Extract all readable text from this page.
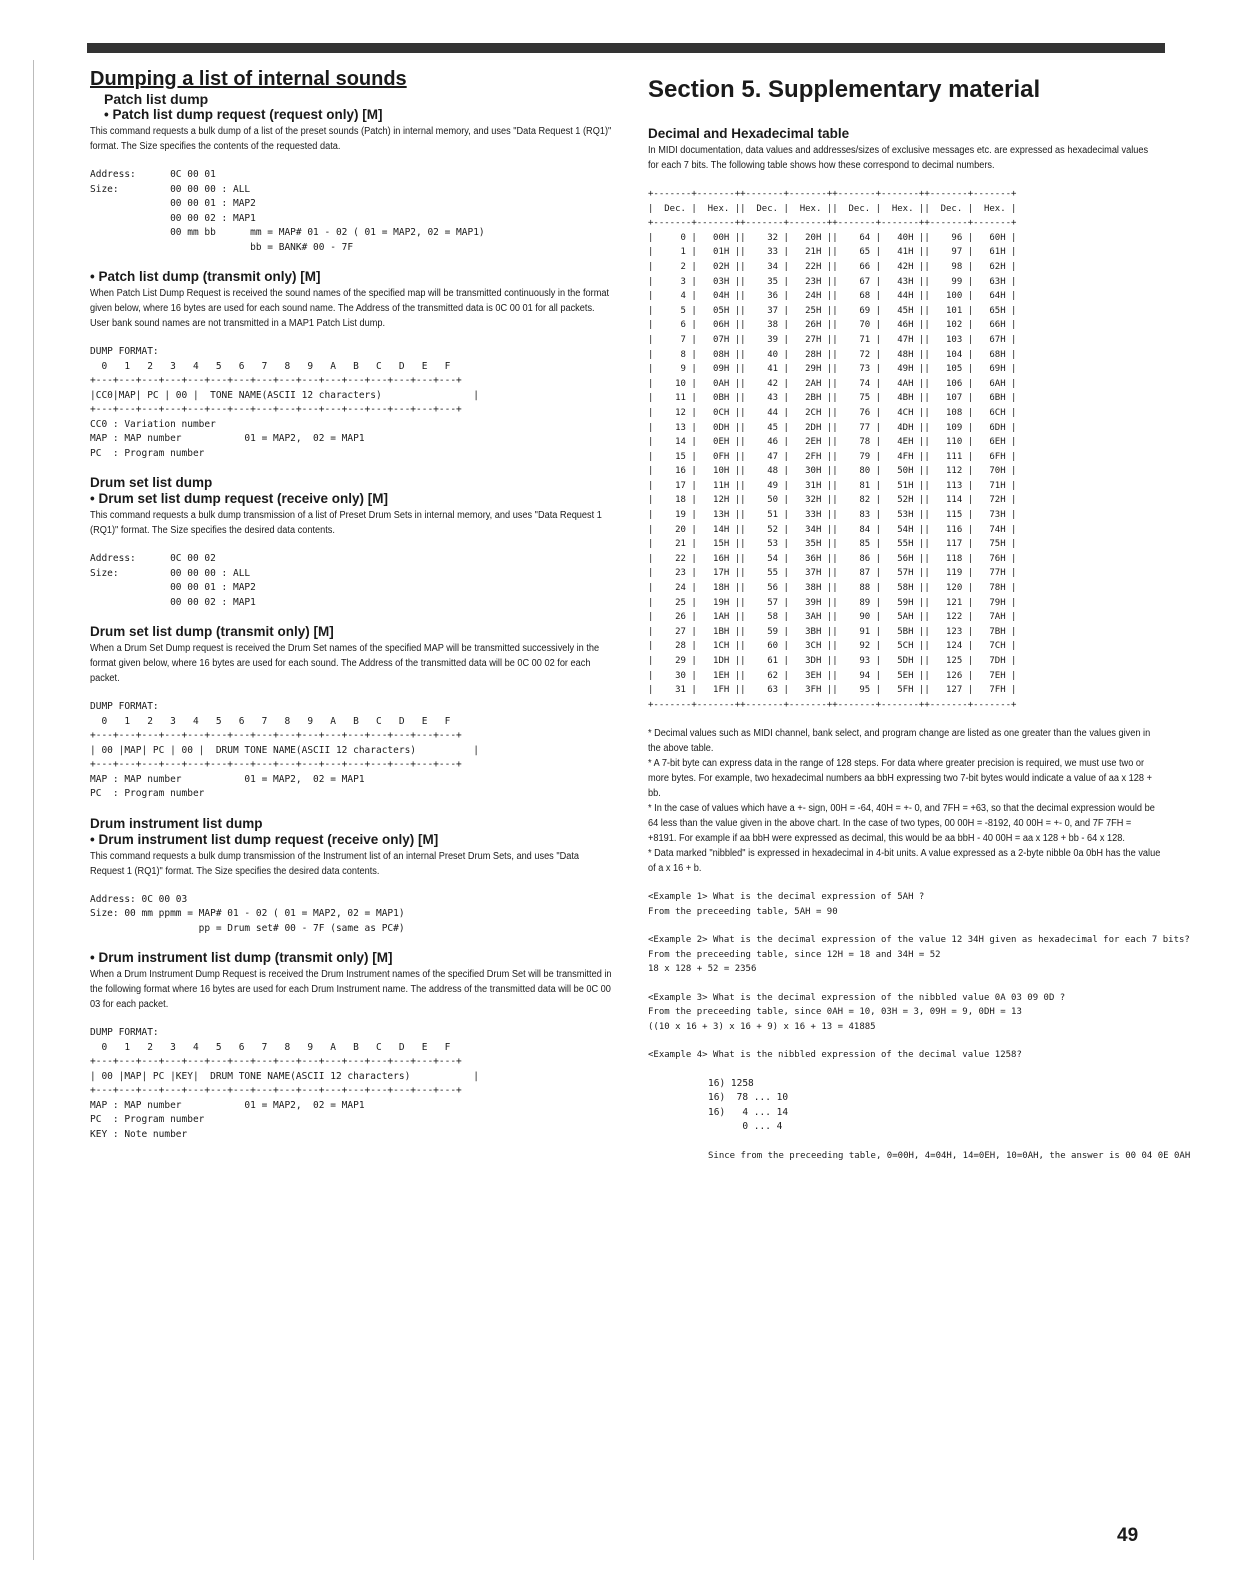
Dumping a list of internal sounds
Patch list dump
• Patch list dump request (request only) [M]

This command requests a bulk dump of a list of the preset sounds (Patch) in internal memory, and uses "Data Request 1 (RQ1)" format. The Size specifies the contents of the requested data.

Address:      0C 00 01
Size:         00 00 00 : ALL
00 00 01 : MAP2
00 00 02 : MAP1
00 mm bb      mm = MAP# 01 - 02 ( 01 = MAP2, 02 = MAP1)
bb = BANK# 00 - 7F
• Patch list dump (transmit only) [M]

When Patch List Dump Request is received the sound names of the specified map will be transmitted continuously in the format given below, where 16 bytes are used for each sound name. The Address of the transmitted data is 0C 00 01 for all packets.

User bank sound names are not transmitted in a MAP1 Patch List dump.

DUMP FORMAT:
0   1   2   3   4   5   6   7   8   9   A   B   C   D   E   F
+---+---+---+---+---+---+---+---+---+---+---+---+---+---+---+---+
|CC0|MAP| PC | 00 |  TONE NAME(ASCII 12 characters)                |
+---+---+---+---+---+---+---+---+---+---+---+---+---+---+---+---+
CC0 : Variation number
MAP : MAP number           01 = MAP2,  02 = MAP1
PC  : Program number
Drum set list dump
• Drum set list dump request (receive only) [M]

This command requests a bulk dump transmission of a list of Preset Drum Sets in internal memory, and uses "Data Request 1 (RQ1)" format. The Size specifies the desired data contents.

Address:      0C 00 02
Size:         00 00 00 : ALL
00 00 01 : MAP2
00 00 02 : MAP1
Drum set list dump (transmit only) [M]

When a Drum Set Dump request is received the Drum Set names of the specified MAP will be transmitted successively in the format given below, where 16 bytes are used for each sound. The Address of the transmitted data will be 0C 00 02 for each packet.

DUMP FORMAT:
0   1   2   3   4   5   6   7   8   9   A   B   C   D   E   F
+---+---+---+---+---+---+---+---+---+---+---+---+---+---+---+---+
| 00 |MAP| PC | 00 |  DRUM TONE NAME(ASCII 12 characters)          |
+---+---+---+---+---+---+---+---+---+---+---+---+---+---+---+---+
MAP : MAP number           01 = MAP2,  02 = MAP1
PC  : Program number
Drum instrument list dump
• Drum instrument list dump request (receive only) [M]

This command requests a bulk dump transmission of the Instrument list of an internal Preset Drum Sets, and uses "Data Request 1 (RQ1)" format. The Size specifies the desired data contents.

Address: 0C 00 03
Size: 00 mm ppmm = MAP# 01 - 02 ( 01 = MAP2, 02 = MAP1)
pp = Drum set# 00 - 7F (same as PC#)
• Drum instrument list dump (transmit only) [M]

When a Drum Instrument Dump Request is received the Drum Instrument names of the specified Drum Set will be transmitted in the following format where 16 bytes are used for each Drum Instrument name. The address of the transmitted data will be 0C 00 03 for each packet.

DUMP FORMAT:
0   1   2   3   4   5   6   7   8   9   A   B   C   D   E   F
+---+---+---+---+---+---+---+---+---+---+---+---+---+---+---+---+
| 00 |MAP| PC |KEY|  DRUM TONE NAME(ASCII 12 characters)           |
+---+---+---+---+---+---+---+---+---+---+---+---+---+---+---+---+
MAP : MAP number           01 = MAP2,  02 = MAP1
PC  : Program number
KEY : Note number
Section 5. Supplementary material
Decimal and Hexadecimal table

In MIDI documentation, data values and addresses/sizes of exclusive messages etc. are expressed as hexadecimal values for each 7 bits. The following table shows how these correspond to decimal numbers.

+-------+-------++-------+-------++-------+-------++-------+-------+
|  Dec. |  Hex. ||  Dec. |  Hex. ||  Dec. |  Hex. ||  Dec. |  Hex. |
+-------+-------++-------+-------++-------+-------++-------+-------+
|     0 |   00H ||    32 |   20H ||    64 |   40H ||    96 |   60H |
|     1 |   01H ||    33 |   21H ||    65 |   41H ||    97 |   61H |
|     2 |   02H ||    34 |   22H ||    66 |   42H ||    98 |   62H |
|     3 |   03H ||    35 |   23H ||    67 |   43H ||    99 |   63H |
|     4 |   04H ||    36 |   24H ||    68 |   44H ||   100 |   64H |
|     5 |   05H ||    37 |   25H ||    69 |   45H ||   101 |   65H |
|     6 |   06H ||    38 |   26H ||    70 |   46H ||   102 |   66H |
|     7 |   07H ||    39 |   27H ||    71 |   47H ||   103 |   67H |
|     8 |   08H ||    40 |   28H ||    72 |   48H ||   104 |   68H |
|     9 |   09H ||    41 |   29H ||    73 |   49H ||   105 |   69H |
|    10 |   0AH ||    42 |   2AH ||    74 |   4AH ||   106 |   6AH |
|    11 |   0BH ||    43 |   2BH ||    75 |   4BH ||   107 |   6BH |
|    12 |   0CH ||    44 |   2CH ||    76 |   4CH ||   108 |   6CH |
|    13 |   0DH ||    45 |   2DH ||    77 |   4DH ||   109 |   6DH |
|    14 |   0EH ||    46 |   2EH ||    78 |   4EH ||   110 |   6EH |
|    15 |   0FH ||    47 |   2FH ||    79 |   4FH ||   111 |   6FH |
|    16 |   10H ||    48 |   30H ||    80 |   50H ||   112 |   70H |
|    17 |   11H ||    49 |   31H ||    81 |   51H ||   113 |   71H |
|    18 |   12H ||    50 |   32H ||    82 |   52H ||   114 |   72H |
|    19 |   13H ||    51 |   33H ||    83 |   53H ||   115 |   73H |
|    20 |   14H ||    52 |   34H ||    84 |   54H ||   116 |   74H |
|    21 |   15H ||    53 |   35H ||    85 |   55H ||   117 |   75H |
|    22 |   16H ||    54 |   36H ||    86 |   56H ||   118 |   76H |
|    23 |   17H ||    55 |   37H ||    87 |   57H ||   119 |   77H |
|    24 |   18H ||    56 |   38H ||    88 |   58H ||   120 |   78H |
|    25 |   19H ||    57 |   39H ||    89 |   59H ||   121 |   79H |
|    26 |   1AH ||    58 |   3AH ||    90 |   5AH ||   122 |   7AH |
|    27 |   1BH ||    59 |   3BH ||    91 |   5BH ||   123 |   7BH |
|    28 |   1CH ||    60 |   3CH ||    92 |   5CH ||   124 |   7CH |
|    29 |   1DH ||    61 |   3DH ||    93 |   5DH ||   125 |   7DH |
|    30 |   1EH ||    62 |   3EH ||    94 |   5EH ||   126 |   7EH |
|    31 |   1FH ||    63 |   3FH ||    95 |   5FH ||   127 |   7FH |
+-------+-------++-------+-------++-------+-------++-------+-------+

* Decimal values such as MIDI channel, bank select, and program change are listed as one greater than the values given in the above table.

* A 7-bit byte can express data in the range of 128 steps. For data where greater precision is required, we must use two or more bytes. For example, two hexadecimal numbers aa bbH expressing two 7-bit bytes would indicate a value of aa x 128 + bb.

* In the case of values which have a +- sign, 00H = -64, 40H = +- 0, and 7FH = +63, so that the decimal expression would be 64 less than the value given in the above chart. In the case of two types, 00 00H = -8192, 40 00H = +- 0, and 7F 7FH = +8191. For example if aa bbH were expressed as decimal, this would be aa bbH - 40 00H = aa x 128 + bb - 64 x 128.

* Data marked "nibbled" is expressed in hexadecimal in 4-bit units. A value expressed as a 2-byte nibble 0a 0bH has the value of a x 16 + b.

<Example 1> What is the decimal expression of 5AH ?
From the preceeding table, 5AH = 90
<Example 2> What is the decimal expression of the value 12 34H given as hexadecimal for each 7 bits?
From the preceeding table, since 12H = 18 and 34H = 52
18 x 128 + 52 = 2356
<Example 3> What is the decimal expression of the nibbled value 0A 03 09 0D ?
From the preceeding table, since 0AH = 10, 03H = 3, 09H = 9, 0DH = 13
((10 x 16 + 3) x 16 + 9) x 16 + 13 = 41885
<Example 4> What is the nibbled expression of the decimal value 1258?
16) 1258
16)  78 ... 10
16)   4 ... 14
0 ... 4
Since from the preceeding table, 0=00H, 4=04H, 14=0EH, 10=0AH, the answer is 00 04 0E 0AH
49
